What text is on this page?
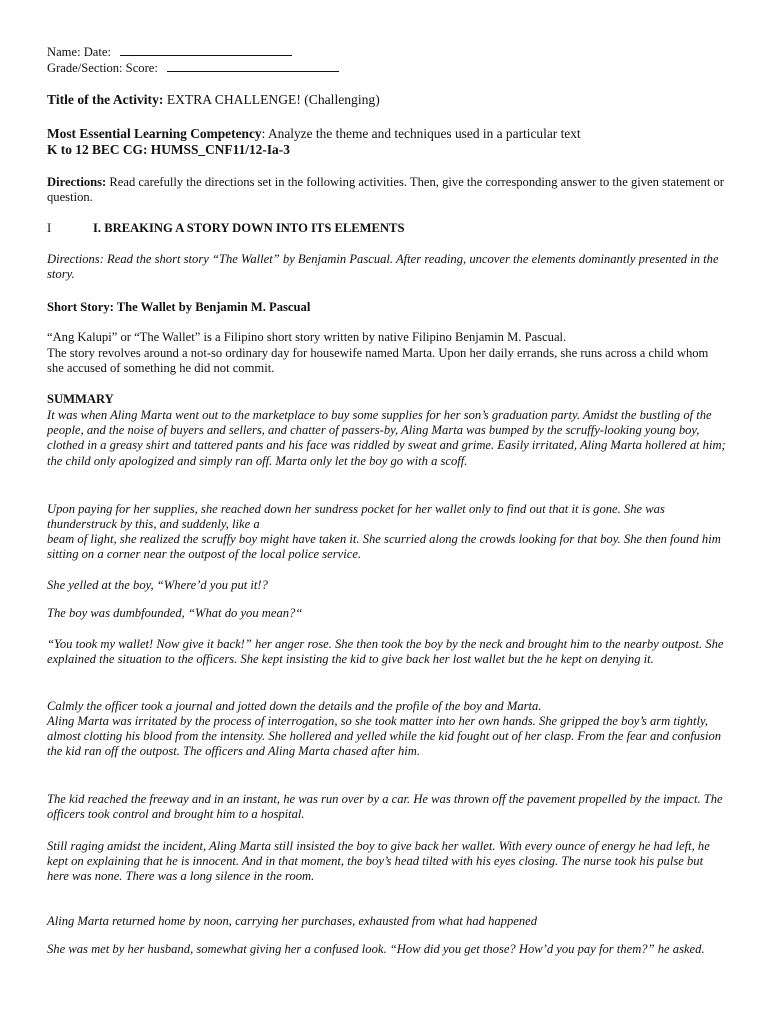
Name: Date:
Grade/Section: Score:
Title of the Activity: EXTRA CHALLENGE! (Challenging)
Most Essential Learning Competency: Analyze the theme and techniques used in a particular text
K to 12 BEC CG: HUMSS_CNF11/12-Ia-3
Directions: Read carefully the directions set in the following activities. Then, give the corresponding answer to the given statement or question.
I	I. BREAKING A STORY DOWN INTO ITS ELEMENTS
Directions: Read the short story “The Wallet” by Benjamin Pascual. After reading, uncover the elements dominantly presented in the story.
Short Story: The Wallet by Benjamin M. Pascual
“Ang Kalupi” or “The Wallet” is a Filipino short story written by native Filipino Benjamin M. Pascual.
The story revolves around a not-so ordinary day for housewife named Marta. Upon her daily errands, she runs across a child whom she accused of something he did not commit.
SUMMARY
It was when Aling Marta went out to the marketplace to buy some supplies for her son’s graduation party. Amidst the bustling of the people, and the noise of buyers and sellers, and chatter of passers-by, Aling Marta was bumped by the scruffy-looking young boy, clothed in a greasy shirt and tattered pants and his face was riddled by sweat and grime. Easily irritated, Aling Marta hollered at him; the child only apologized and simply ran off. Marta only let the boy go with a scoff.
Upon paying for her supplies, she reached down her sundress pocket for her wallet only to find out that it is gone. She was thunderstruck by this, and suddenly, like a
beam of light, she realized the scruffy boy might have taken it. She scurried along the crowds looking for that boy. She then found him sitting on a corner near the outpost of the local police service.
She yelled at the boy, “Where’d you put it!?
The boy was dumbfounded, “What do you mean?“
“You took my wallet! Now give it back!” her anger rose. She then took the boy by the neck and brought him to the nearby outpost. She explained the situation to the officers. She kept insisting the kid to give back her lost wallet but the he kept on denying it.
Calmly the officer took a journal and jotted down the details and the profile of the boy and Marta.
Aling Marta was irritated by the process of interrogation, so she took matter into her own hands. She gripped the boy’s arm tightly, almost clotting his blood from the intensity. She hollered and yelled while the kid fought out of her clasp. From the fear and confusion the kid ran off the outpost. The officers and Aling Marta chased after him.
The kid reached the freeway and in an instant, he was run over by a car. He was thrown off the pavement propelled by the impact. The officers took control and brought him to a hospital.
Still raging amidst the incident, Aling Marta still insisted the boy to give back her wallet. With every ounce of energy he had left, he kept on explaining that he is innocent. And in that moment, the boy’s head tilted with his eyes closing. The nurse took his pulse but here was none. There was a long silence in the room.
Aling Marta returned home by noon, carrying her purchases, exhausted from what had happened
She was met by her husband, somewhat giving her a confused look. “How did you get those? How’d you pay for them?” he asked.
